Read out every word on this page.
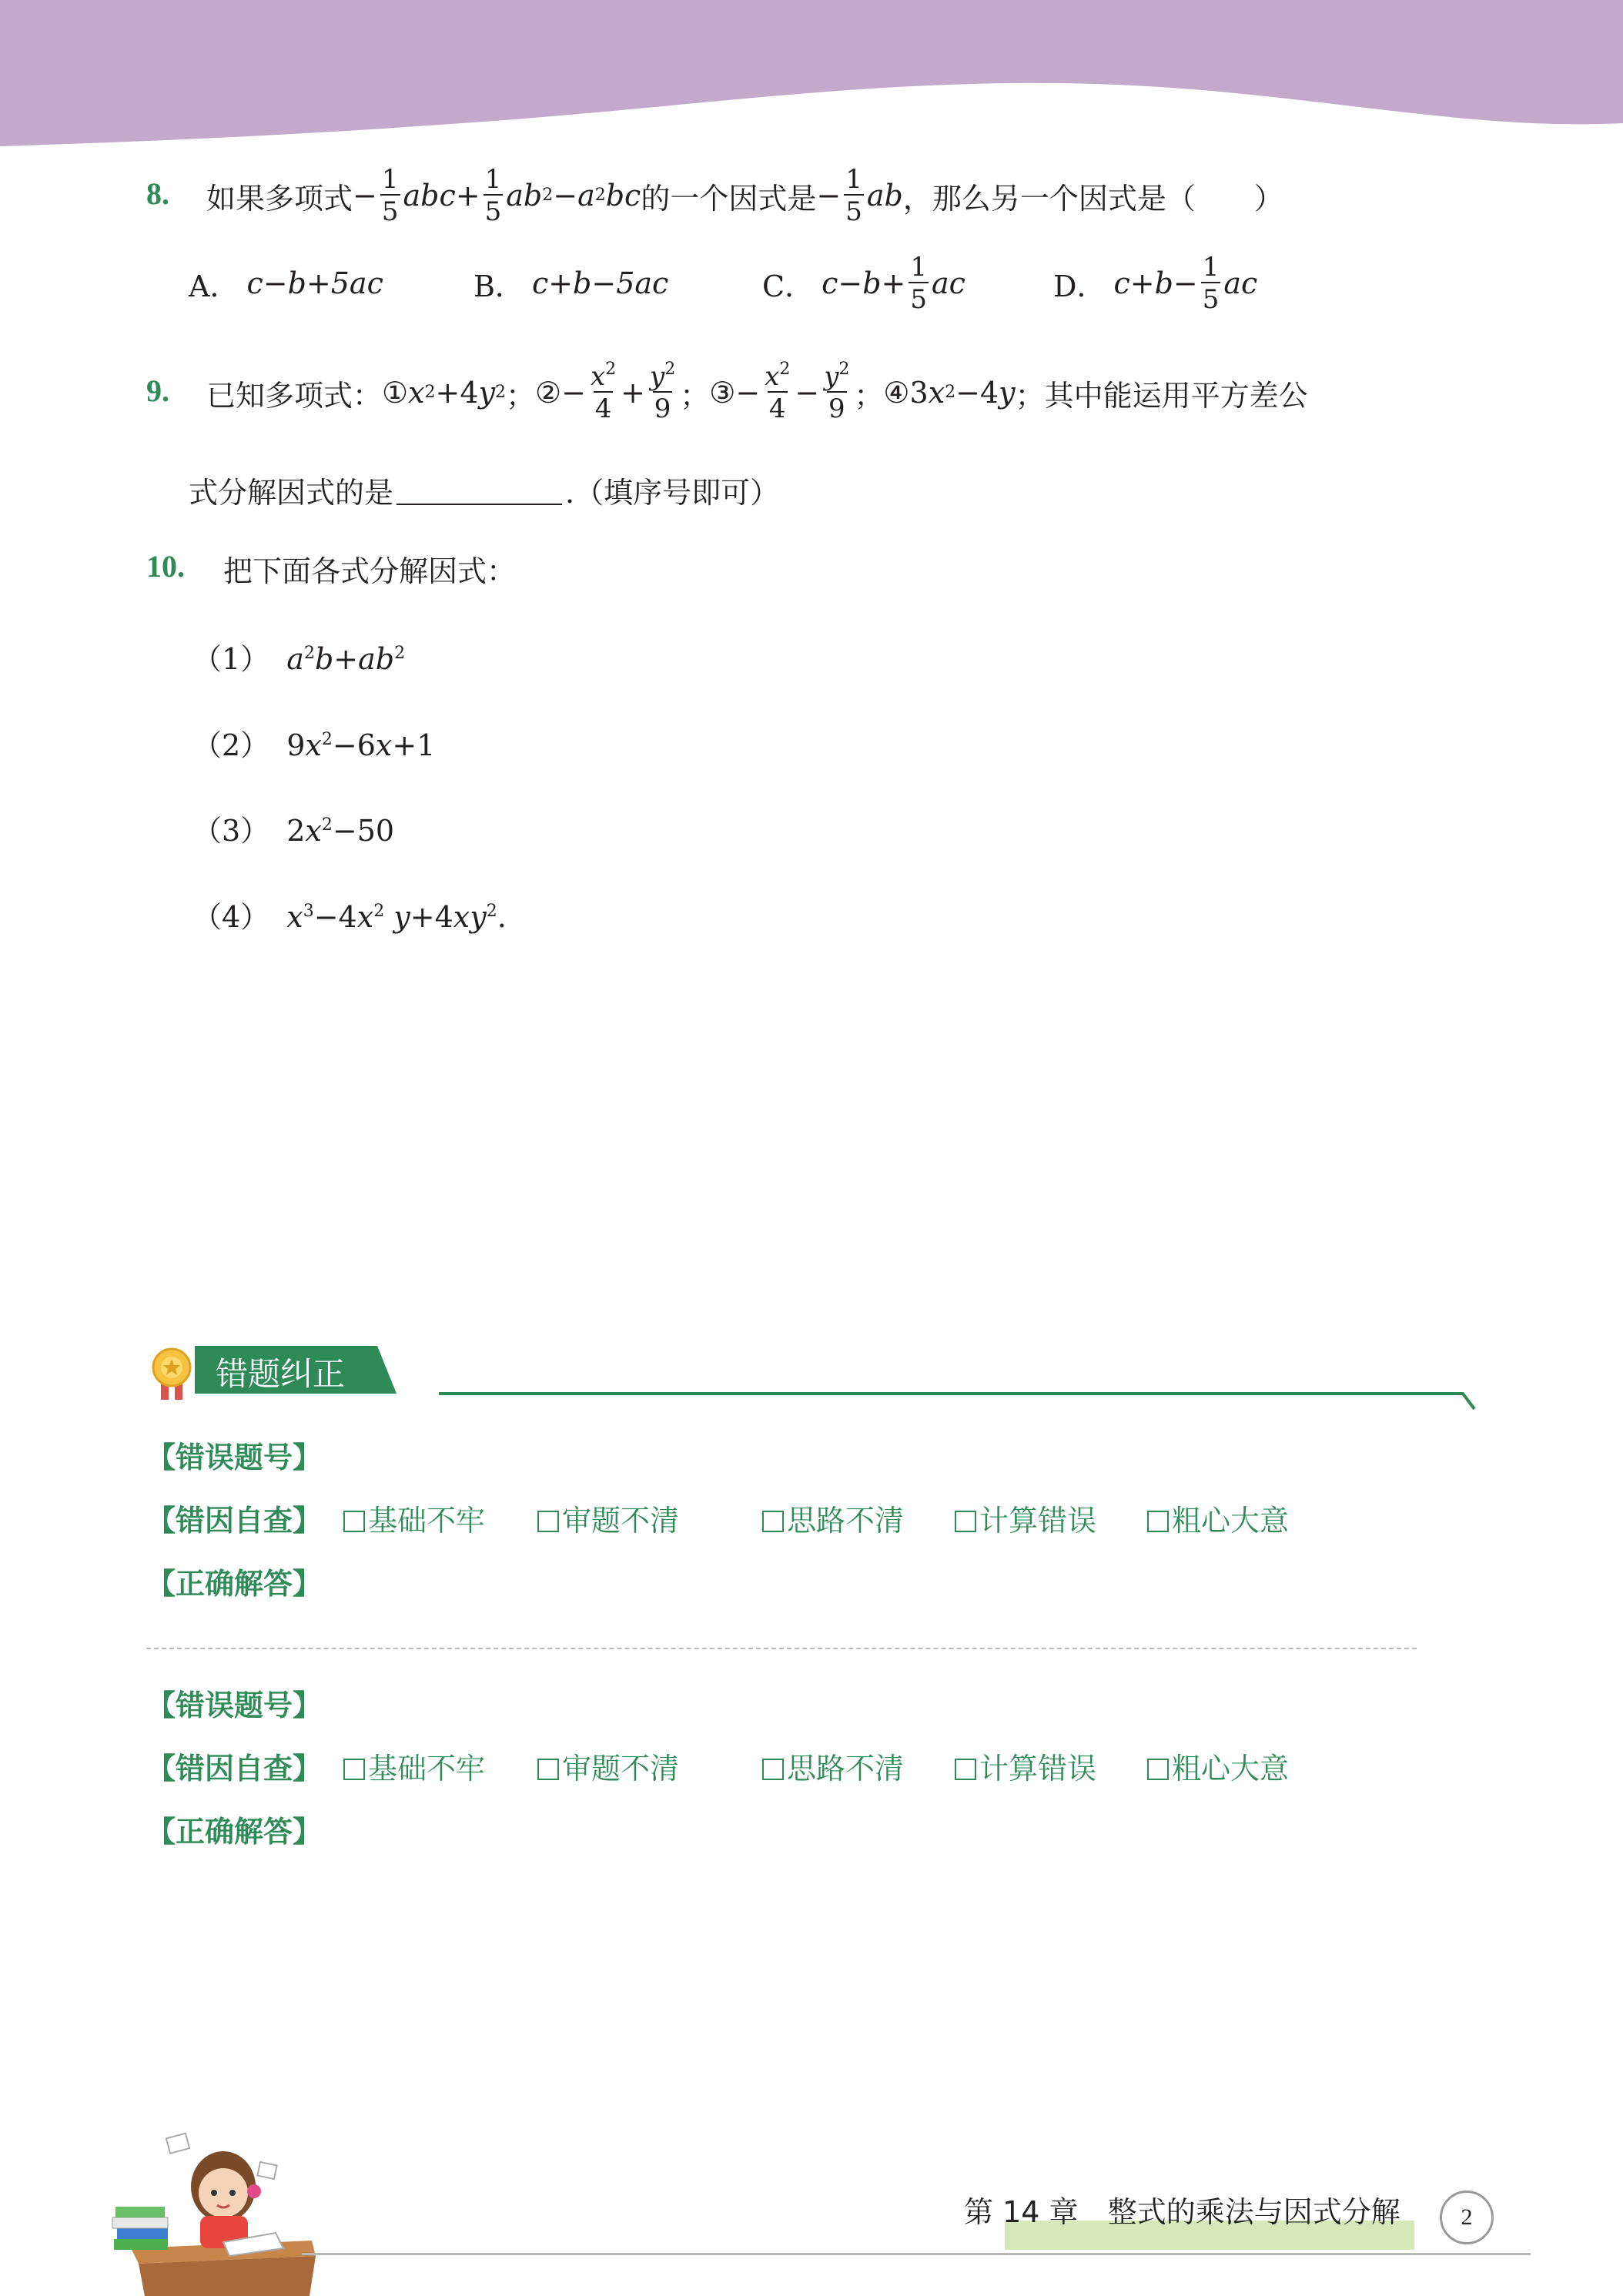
8. 如果多项式 − $\frac{1}{5}$ abc + $\frac{1}{5}$ ab 2 − a 2 bc 的一个因式是 − $\frac{1}{5}$ ab ，那么另一个因式是（　　）
A． c−b+5ac	B． c+b−5ac	C． $c-b+ \frac{1}{5}$ ac	D． $c+b- \frac{1}{5}$ ac
9. 已知多项式： ① x 2 +4 y 2 ； ② − $\frac{x^2}{4} + \frac{y^2}{9}$ ； ③ − $\frac{x^2}{4} - \frac{y^2}{9}$ ； ④ 3 x 2 −4 y ；其中能运用平方差公
式分解因式的是	.（填序号即可）
10. 把下面各式分解因式：
（1） $a^2b+ab^2$
（2） $9x^2-6x+1$
（3） $2x^2-50$
（4） $x^3-4x^2$ $y+4xy^2$.
错题纠正
【错误题号】
【错因自查】	基础不牢	审题不清	思路不清	计算错误	粗心大意
【正确解答】
【错误题号】
【错因自查】	基础不牢	审题不清	思路不清	计算错误	粗心大意
【正确解答】
第 14 章 整式的乘法与因式分解	2
